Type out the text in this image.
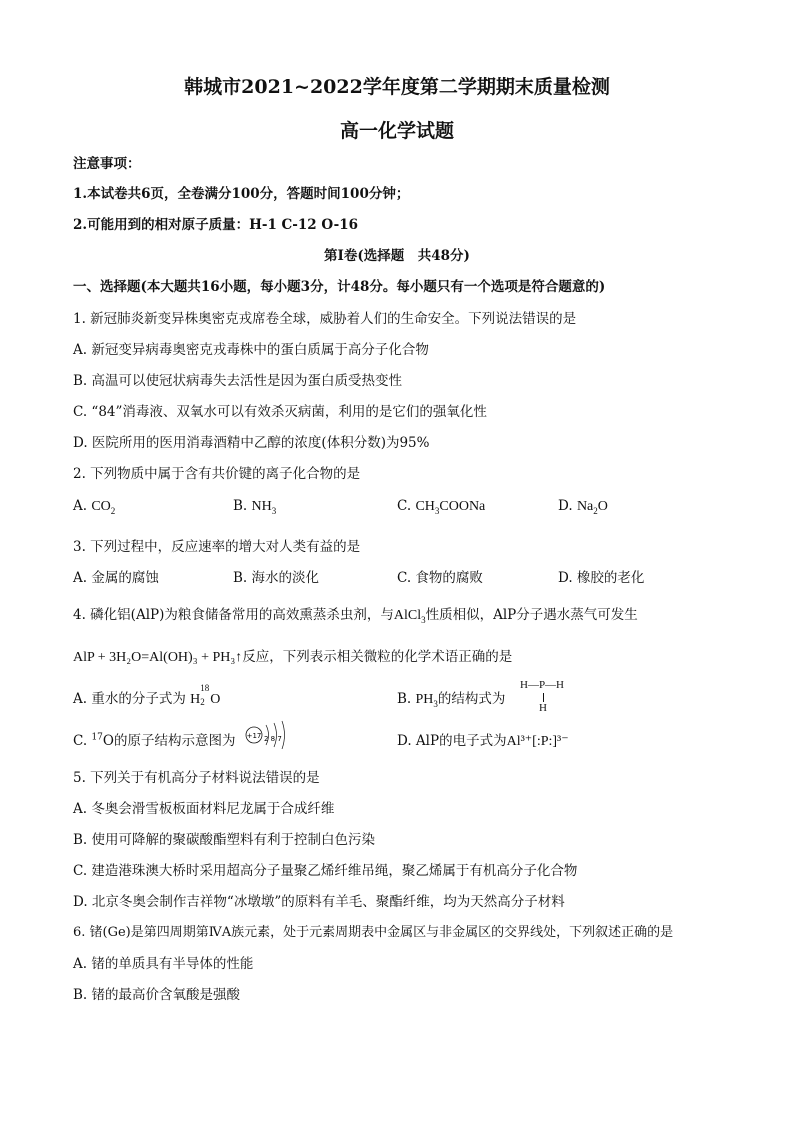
韩城市2021~2022学年度第二学期期末质量检测
高一化学试题
注意事项：
1.本试卷共6页，全卷满分100分，答题时间100分钟；
2.可能用到的相对原子质量：H-1 C-12 O-16
第Ⅰ卷(选择题　共48分)
一、选择题(本大题共16小题，每小题3分，计48分。每小题只有一个选项是符合题意的)
1. 新冠肺炎新变异株奥密克戎席卷全球，威胁着人们的生命安全。下列说法错误的是
A. 新冠变异病毒奥密克戎毒株中的蛋白质属于高分子化合物
B. 高温可以使冠状病毒失去活性是因为蛋白质受热变性
C. “84”消毒液、双氧水可以有效杀灭病菌，利用的是它们的强氧化性
D. 医院所用的医用消毒酒精中乙醇的浓度(体积分数)为95%
2. 下列物质中属于含有共价键的离子化合物的是
A. $CO_2$	B. $NH_3$	C. $CH_3COONa$	D. $Na_2O$
3. 下列过程中，反应速率的增大对人类有益的是
A. 金属的腐蚀	B. 海水的淡化	C. 食物的腐败	D. 橡胶的老化
4. 磷化铝(AlP)为粮食储备常用的高效熏蒸杀虫剂，与AlCl$_3$性质相似，AlP分子遇水蒸气可发生
AlP + 3H₂O=Al(OH)₃ + PH₃↑反应，下列表示相关微粒的化学术语正确的是
A. 重水的分子式为 H
18
2 O	B. $PH_3$的结构式为
H—P—H
H
C. $^{17}$O的原子结构示意图为 +17 2 8 7	D. AlP的电子式为Al³⁺[:P:]³⁻
5. 下列关于有机高分子材料说法错误的是
A. 冬奥会滑雪板板面材料尼龙属于合成纤维
B. 使用可降解的聚碳酸酯塑料有利于控制白色污染
C. 建造港珠澳大桥时采用超高分子量聚乙烯纤维吊绳，聚乙烯属于有机高分子化合物
D. 北京冬奥会制作吉祥物“冰墩墩”的原料有羊毛、聚酯纤维，均为天然高分子材料
6. 锗(Ge)是第四周期第ⅣA族元素，处于元素周期表中金属区与非金属区的交界线处，下列叙述正确的是
A. 锗的单质具有半导体的性能
B. 锗的最高价含氧酸是强酸
